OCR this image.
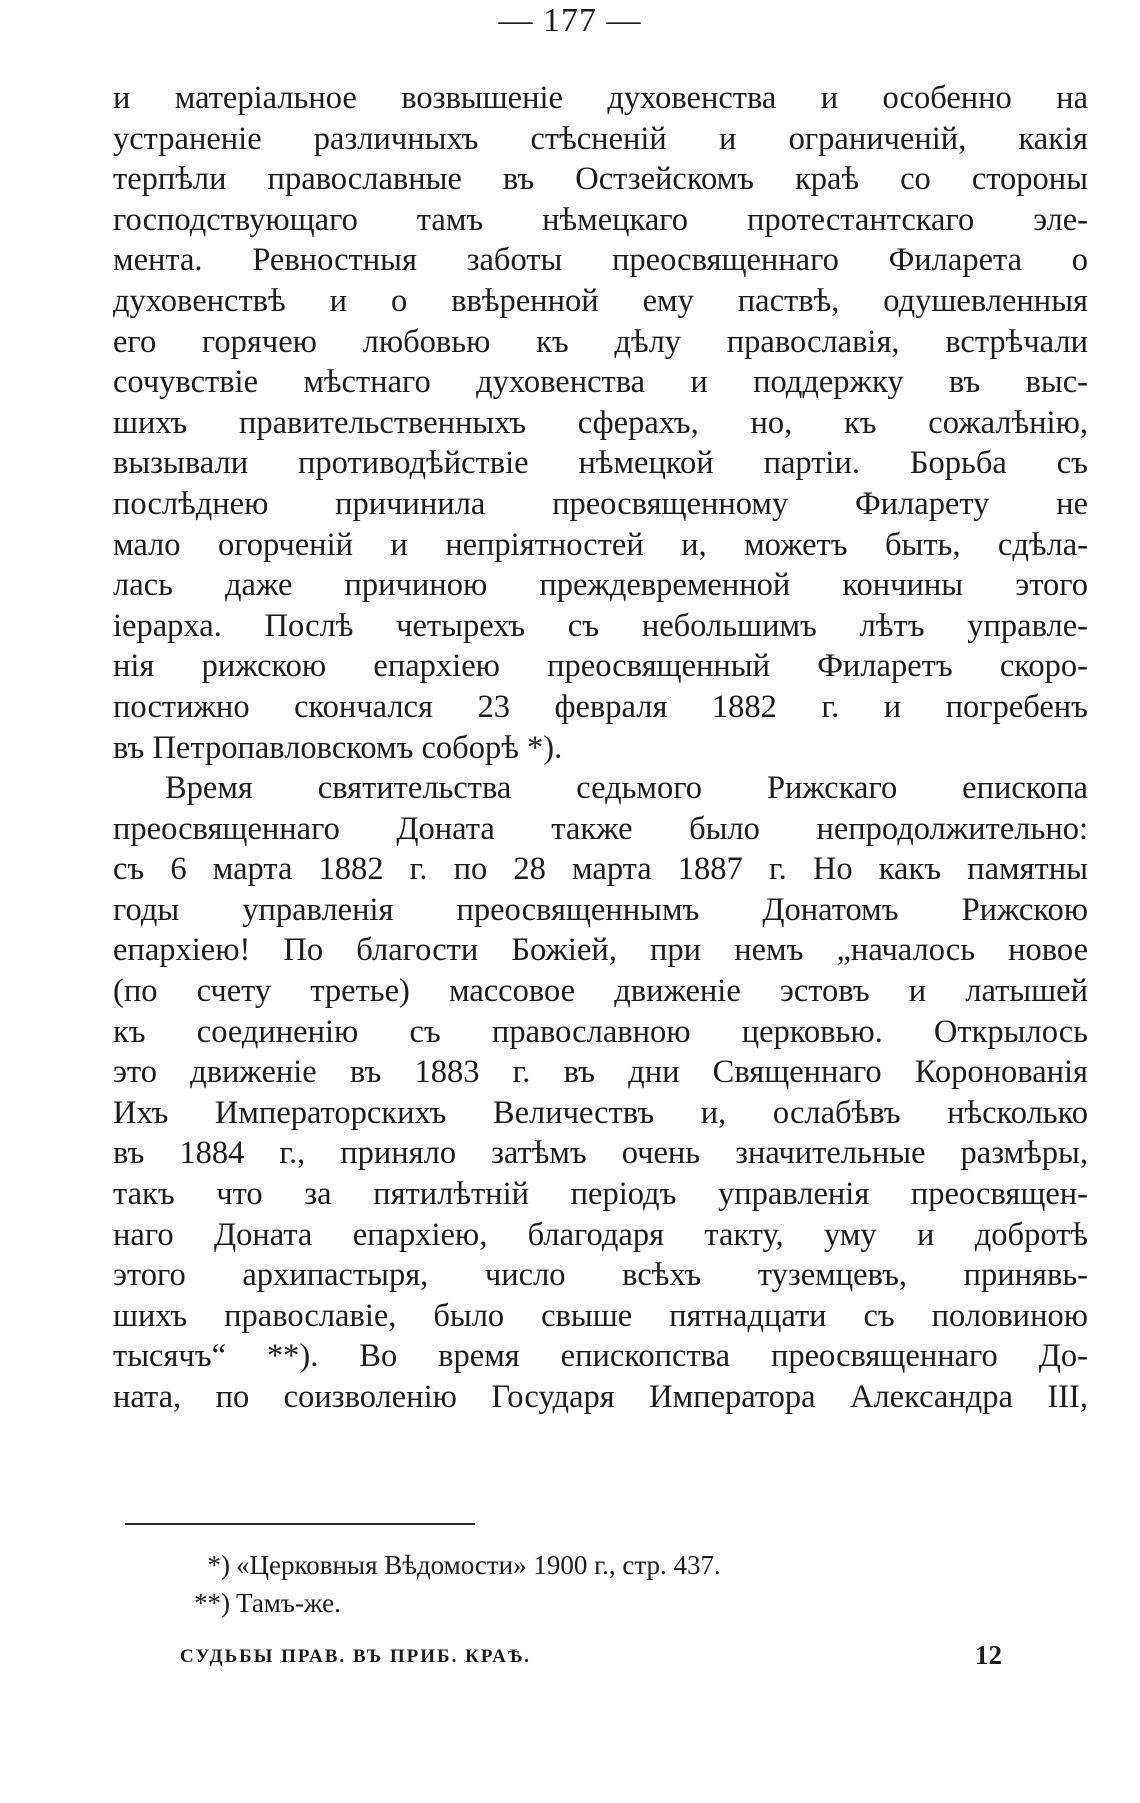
— 177 —
и матеріальное возвышеніе духовенства и особенно на
устраненіе различныхъ стѣсненій и ограниченій, какія
терпѣли православные въ Остзейскомъ краѣ со стороны
господствующаго тамъ нѣмецкаго протестантскаго эле-
мента. Ревностныя заботы преосвященнаго Филарета о
духовенствѣ и о ввѣренной ему паствѣ, одушевленныя
его горячею любовью къ дѣлу православія, встрѣчали
сочувствіе мѣстнаго духовенства и поддержку въ выс-
шихъ правительственныхъ сферахъ, но, къ сожалѣнію,
вызывали противодѣйствіе нѣмецкой партіи. Борьба съ
послѣднею причинила преосвященному Филарету не
мало огорченій и непріятностей и, можетъ быть, сдѣла-
лась даже причиною преждевременной кончины этого
іерарха. Послѣ четырехъ съ небольшимъ лѣтъ управле-
нія рижскою епархіею преосвященный Филаретъ скоро-
постижно скончался 23 февраля 1882 г. и погребенъ
въ Петропавловскомъ соборѣ *).
Время святительства седьмого Рижскаго епископа
преосвященнаго Доната также было непродолжительно:
съ 6 марта 1882 г. по 28 марта 1887 г. Но какъ памятны
годы управленія преосвященнымъ Донатомъ Рижскою
епархіею! По благости Божіей, при немъ „началось новое
(по счету третье) массовое движеніе эстовъ и латышей
къ соединенію съ православною церковью. Открылось
это движеніе въ 1883 г. въ дни Священнаго Коронованія
Ихъ Императорскихъ Величествъ и, ослабѣвъ нѣсколько
въ 1884 г., приняло затѣмъ очень значительные размѣры,
такъ что за пятилѣтній періодъ управленія преосвящен-
наго Доната епархіею, благодаря такту, уму и добротѣ
этого архипастыря, число всѣхъ туземцевъ, принявь-
шихъ православіе, было свыше пятнадцати съ половиною
тысячъ“ **). Во время епископства преосвященнаго До-
ната, по соизволенію Государя Императора Александра III,
*) «Церковныя Вѣдомости» 1900 г., стр. 437.
**) Тамъ-же.
СУДЬБЫ ПРАВ. ВЪ ПРИБ. КРАѢ.	12
